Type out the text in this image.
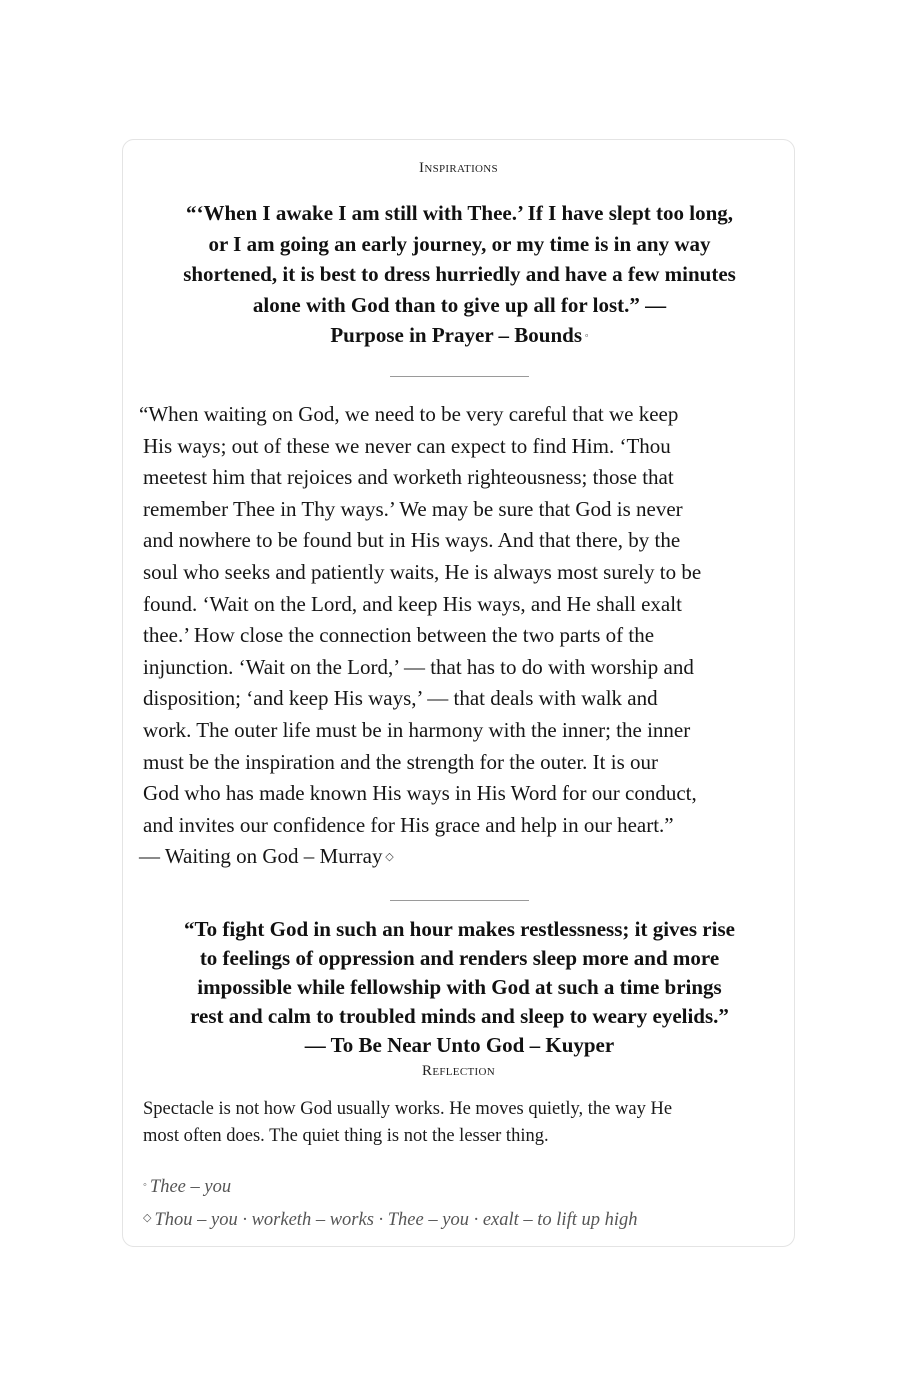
Inspirations

“‘When I awake I am still with Thee.’ If I have slept too long,
or I am going an early journey, or my time is in any way
shortened, it is best to dress hurriedly and have a few minutes
alone with God than to give up all for lost.” —
Purpose in Prayer – Bounds ◦

“When waiting on God, we need to be very careful that we keep
His ways; out of these we never can expect to find Him. ‘Thou
meetest him that rejoices and worketh righteousness; those that
remember Thee in Thy ways.’ We may be sure that God is never
and nowhere to be found but in His ways. And that there, by the
soul who seeks and patiently waits, He is always most surely to be
found. ‘Wait on the Lord, and keep His ways, and He shall exalt
thee.’ How close the connection between the two parts of the
injunction. ‘Wait on the Lord,’ — that has to do with worship and
disposition; ‘and keep His ways,’ — that deals with walk and
work. The outer life must be in harmony with the inner; the inner
must be the inspiration and the strength for the outer. It is our
God who has made known His ways in His Word for our conduct,
and invites our confidence for His grace and help in our heart.”
— Waiting on God – Murray ◇

“To fight God in such an hour makes restlessness; it gives rise
to feelings of oppression and renders sleep more and more
impossible while fellowship with God at such a time brings
rest and calm to troubled minds and sleep to weary eyelids.”
— To Be Near Unto God – Kuyper

Reflection

Spectacle is not how God usually works. He moves quietly, the way He
most often does. The quiet thing is not the lesser thing.

◦ Thee – you

◇ Thou – you · worketh – works · Thee – you · exalt – to lift up high
